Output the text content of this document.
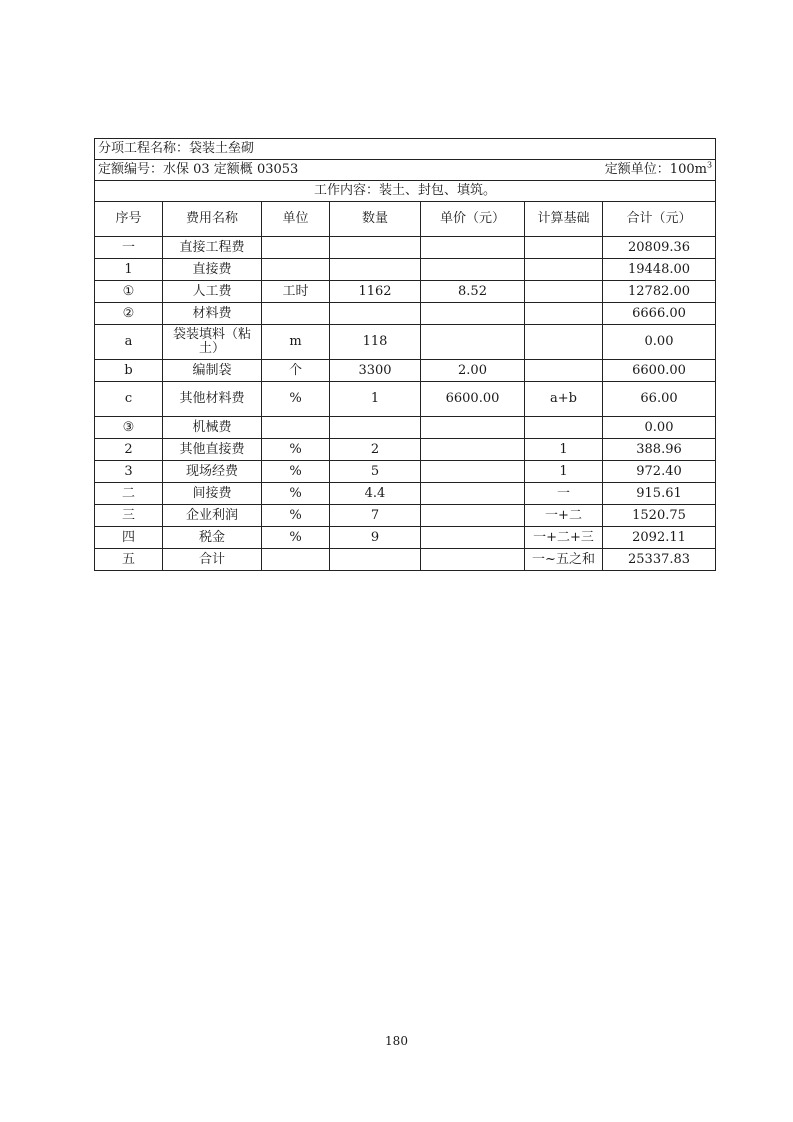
分项工程名称：袋装土垒砌						

定额编号：水保 03 定额概 03053 定额单位：$100m^3$

工作内容：装土、封包、填筑。						
序号	费用名称	单位	数量	单价（元）	计算基础	合计（元）
一	直接工程费					20809.36
1	直接费					19448.00
①	人工费	工时	1162	8.52		12782.00
②	材料费					6666.00
a	袋装填料（粘土）	m	118			0.00
b	编制袋	个	3300	2.00		6600.00
c	其他材料费	%	1	6600.00	a+b	66.00
③	机械费					0.00
2	其他直接费	%	2		1	388.96
3	现场经费	%	5		1	972.40
二	间接费	%	4.4		一	915.61
三	企业利润	%	7		一+二	1520.75
四	税金	%	9		一+二+三	2092.11
五	合计				一~五之和	25337.83
180
